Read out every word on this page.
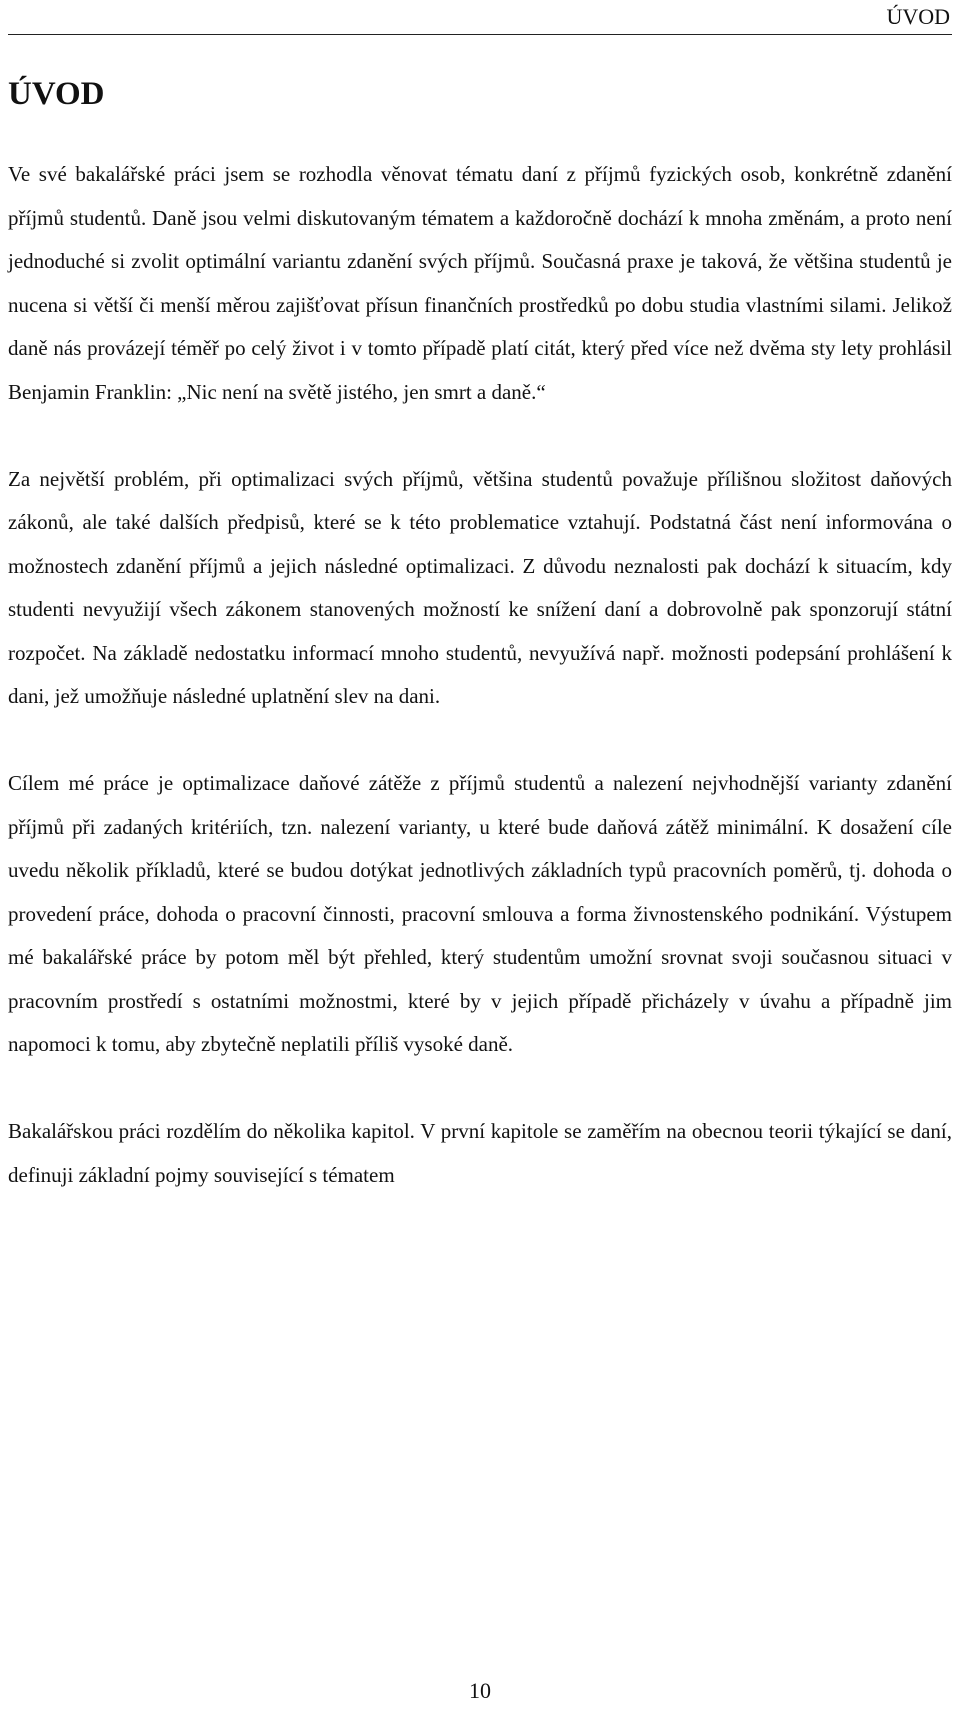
ÚVOD
ÚVOD

Ve své bakalářské práci jsem se rozhodla věnovat tématu daní z příjmů fyzických osob, konkrétně zdanění příjmů studentů. Daně jsou velmi diskutovaným tématem a každoročně dochází k mnoha změnám, a proto není jednoduché si zvolit optimální variantu zdanění svých příjmů. Současná praxe je taková, že většina studentů je nucena si větší či menší měrou zajišťovat přísun finančních prostředků po dobu studia vlastními silami. Jelikož daně nás provázejí téměř po celý život i v tomto případě platí citát, který před více než dvěma sty lety prohlásil Benjamin Franklin: „Nic není na světě jistého, jen smrt a daně.“

Za největší problém, při optimalizaci svých příjmů, většina studentů považuje přílišnou složitost daňových zákonů, ale také dalších předpisů, které se k této problematice vztahují. Podstatná část není informována o možnostech zdanění příjmů a jejich následné optimalizaci. Z důvodu neznalosti pak dochází k situacím, kdy studenti nevyužijí všech zákonem stanovených možností ke snížení daní a dobrovolně pak sponzorují státní rozpočet. Na základě nedostatku informací mnoho studentů, nevyužívá např. možnosti podepsání prohlášení k dani, jež umožňuje následné uplatnění slev na dani.

Cílem mé práce je optimalizace daňové zátěže z příjmů studentů a nalezení nejvhodnější varianty zdanění příjmů při zadaných kritériích, tzn. nalezení varianty, u které bude daňová zátěž minimální. K dosažení cíle uvedu několik příkladů, které se budou dotýkat jednotlivých základních typů pracovních poměrů, tj. dohoda o provedení práce, dohoda o pracovní činnosti, pracovní smlouva a forma živnostenského podnikání. Výstupem mé bakalářské práce by potom měl být přehled, který studentům umožní srovnat svoji současnou situaci v pracovním prostředí s ostatními možnostmi, které by v jejich případě přicházely v úvahu a případně jim napomoci k tomu, aby zbytečně neplatili příliš vysoké daně.

Bakalářskou práci rozdělím do několika kapitol. V první kapitole se zaměřím na obecnou teorii týkající se daní, definuji základní pojmy související s tématem

10
